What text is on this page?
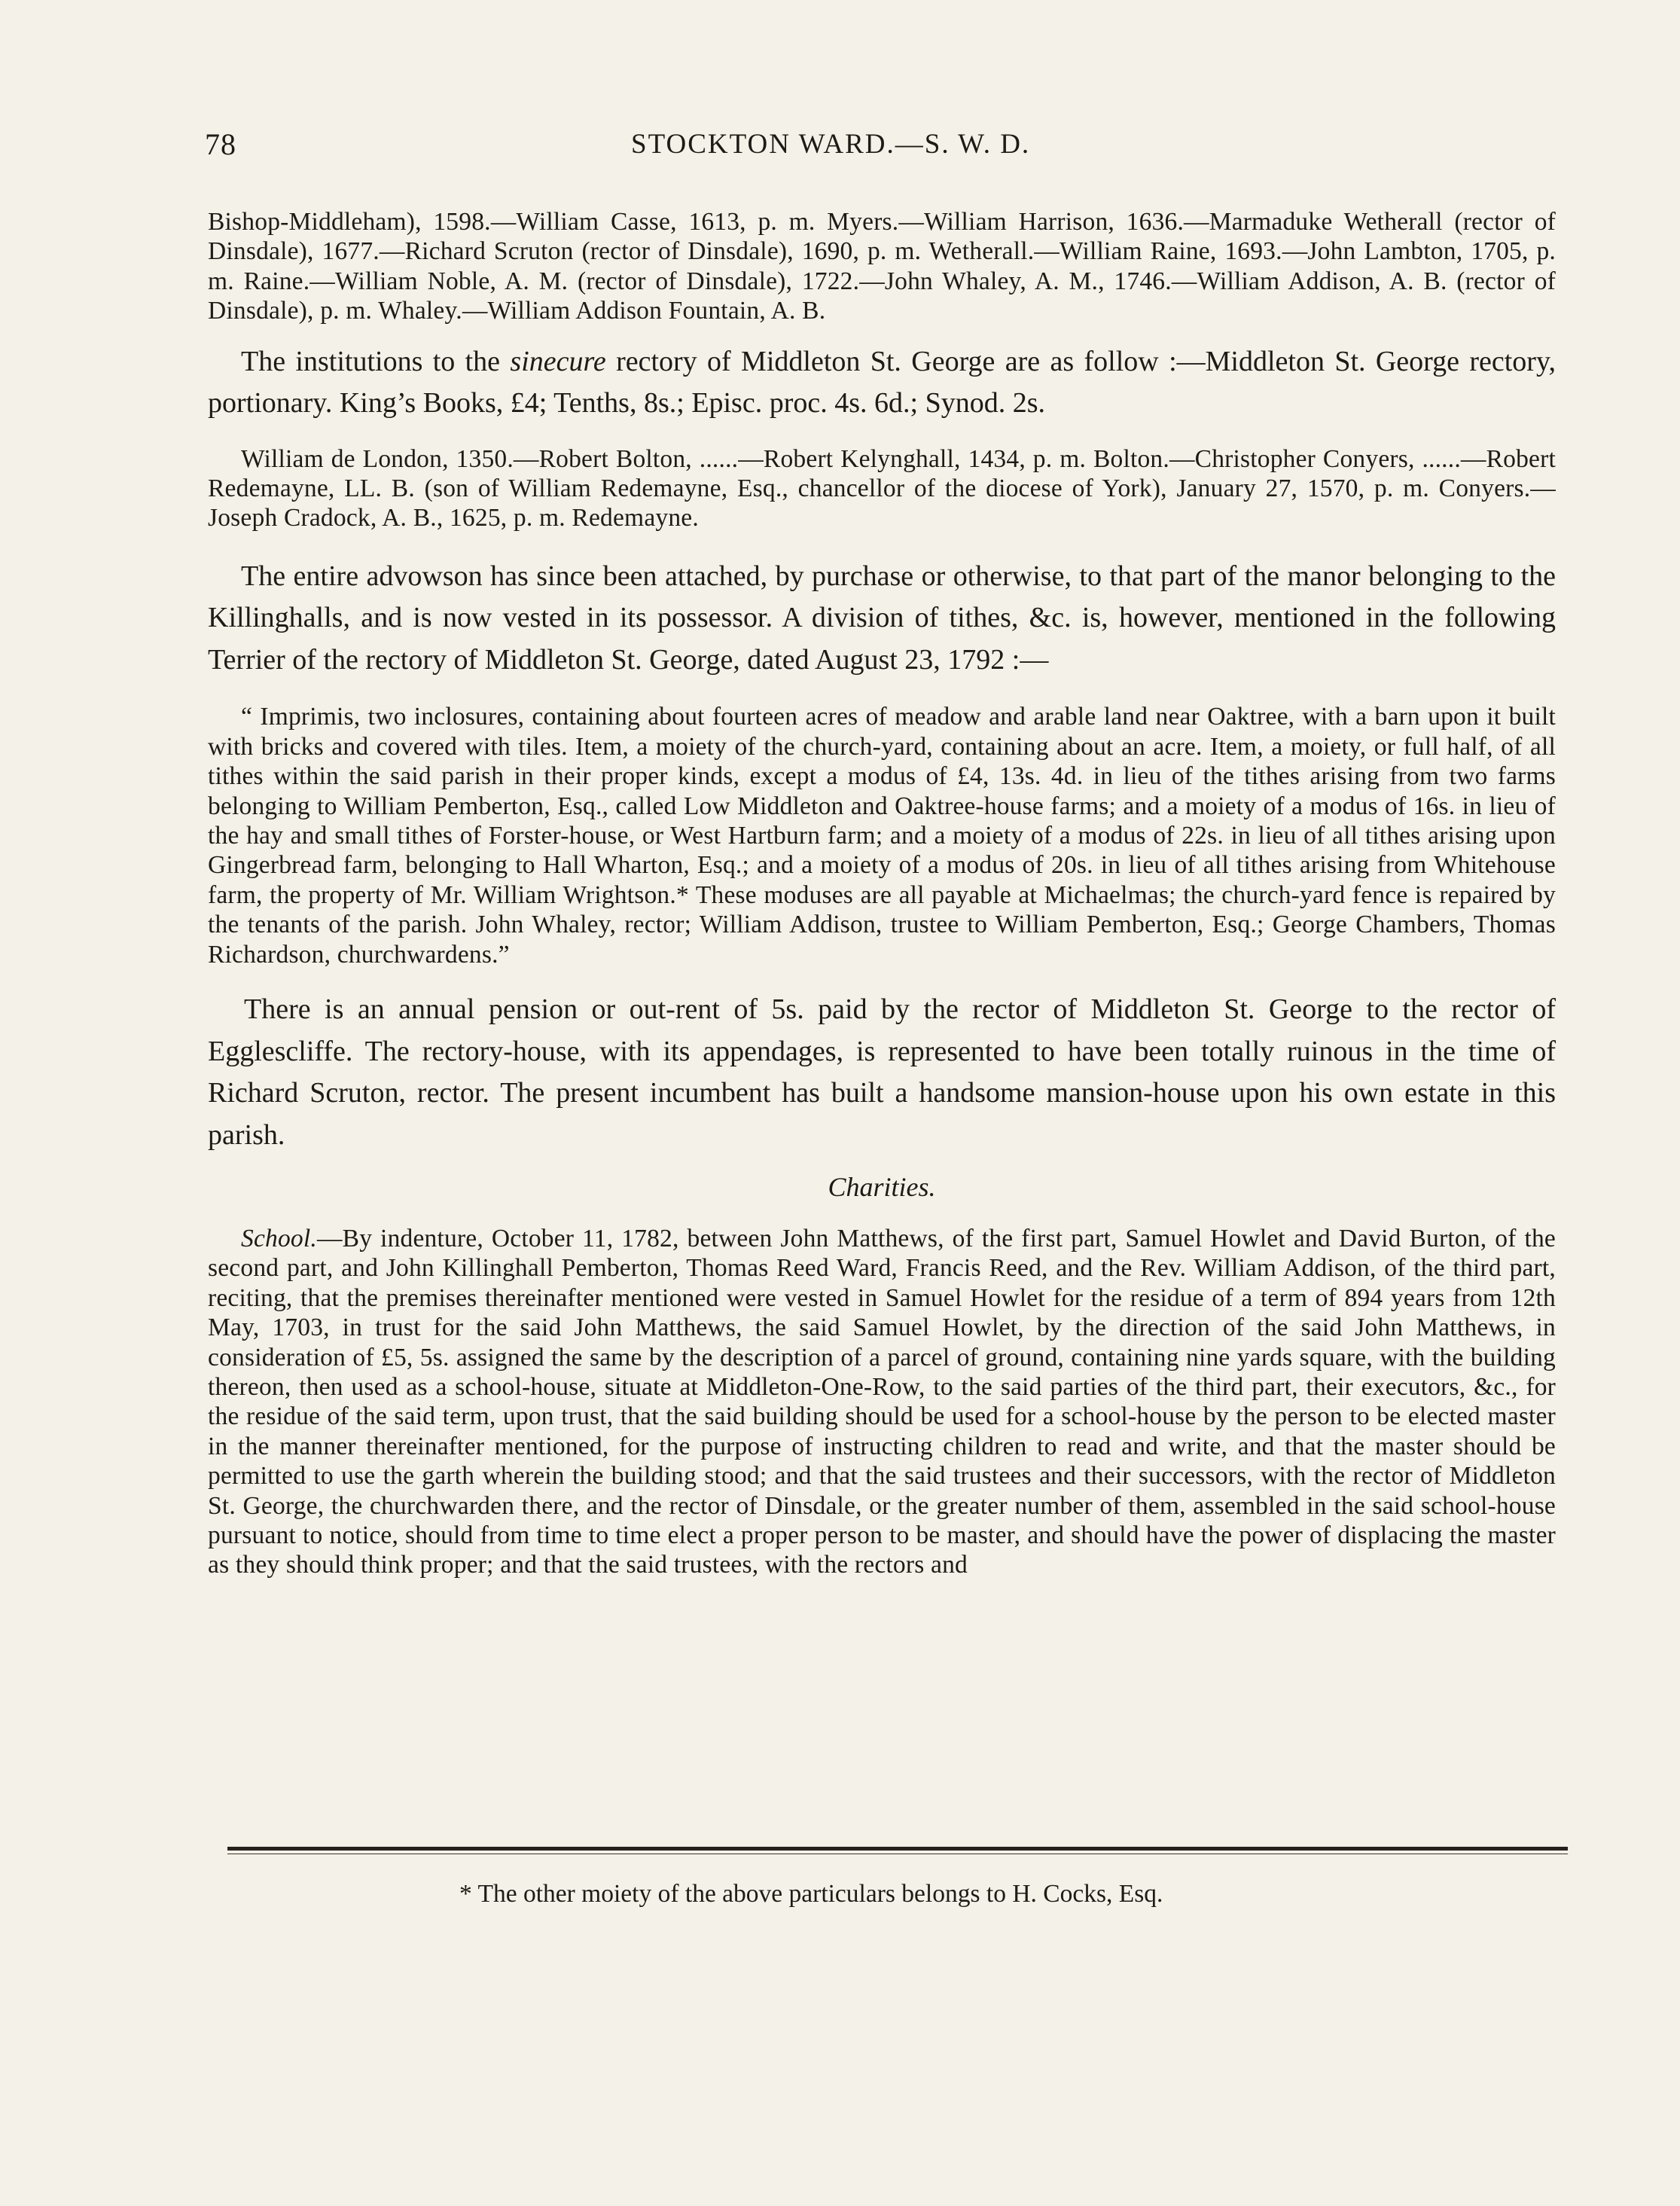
78	STOCKTON WARD.—S. W. D.

Bishop-Middleham), 1598.—William Casse, 1613, p. m. Myers.—William Harrison, 1636.—Marmaduke Wetherall (rector of Dinsdale), 1677.—Richard Scruton (rector of Dinsdale), 1690, p. m. Wetherall.—William Raine, 1693.—John Lambton, 1705, p. m. Raine.—William Noble, A. M. (rector of Dinsdale), 1722.—John Whaley, A. M., 1746.—William Addison, A. B. (rector of Dinsdale), p. m. Whaley.—William Addison Fountain, A. B.

The institutions to the sinecure rectory of Middleton St. George are as follow :—Middleton St. George rectory, portionary. King’s Books, £4; Tenths, 8s.; Episc. proc. 4s. 6d.; Synod. 2s.

William de London, 1350.—Robert Bolton, ......—Robert Kelynghall, 1434, p. m. Bolton.—Christopher Conyers, ......—Robert Redemayne, LL. B. (son of William Redemayne, Esq., chancellor of the diocese of York), January 27, 1570, p. m. Conyers.—Joseph Cradock, A. B., 1625, p. m. Redemayne.

The entire advowson has since been attached, by purchase or otherwise, to that part of the manor belonging to the Killinghalls, and is now vested in its possessor. A division of tithes, &c. is, however, mentioned in the following Terrier of the rectory of Middleton St. George, dated August 23, 1792 :—

“ Imprimis, two inclosures, containing about fourteen acres of meadow and arable land near Oaktree, with a barn upon it built with bricks and covered with tiles. Item, a moiety of the church-yard, containing about an acre. Item, a moiety, or full half, of all tithes within the said parish in their proper kinds, except a modus of £4, 13s. 4d. in lieu of the tithes arising from two farms belonging to William Pemberton, Esq., called Low Middleton and Oaktree-house farms; and a moiety of a modus of 16s. in lieu of the hay and small tithes of Forster-house, or West Hartburn farm; and a moiety of a modus of 22s. in lieu of all tithes arising upon Gingerbread farm, belonging to Hall Wharton, Esq.; and a moiety of a modus of 20s. in lieu of all tithes arising from Whitehouse farm, the property of Mr. William Wrightson.* These moduses are all payable at Michaelmas; the church-yard fence is repaired by the tenants of the parish. John Whaley, rector; William Addison, trustee to William Pemberton, Esq.; George Chambers, Thomas Richardson, churchwardens.”

There is an annual pension or out-rent of 5s. paid by the rector of Middleton St. George to the rector of Egglescliffe. The rectory-house, with its appendages, is represented to have been totally ruinous in the time of Richard Scruton, rector. The present incumbent has built a handsome mansion-house upon his own estate in this parish.

Charities.

School.—By indenture, October 11, 1782, between John Matthews, of the first part, Samuel Howlet and David Burton, of the second part, and John Killinghall Pemberton, Thomas Reed Ward, Francis Reed, and the Rev. William Addison, of the third part, reciting, that the premises thereinafter mentioned were vested in Samuel Howlet for the residue of a term of 894 years from 12th May, 1703, in trust for the said John Matthews, the said Samuel Howlet, by the direction of the said John Matthews, in consideration of £5, 5s. assigned the same by the description of a parcel of ground, containing nine yards square, with the building thereon, then used as a school-house, situate at Middleton-One-Row, to the said parties of the third part, their executors, &c., for the residue of the said term, upon trust, that the said building should be used for a school-house by the person to be elected master in the manner thereinafter mentioned, for the purpose of instructing children to read and write, and that the master should be permitted to use the garth wherein the building stood; and that the said trustees and their successors, with the rector of Middleton St. George, the churchwarden there, and the rector of Dinsdale, or the greater number of them, assembled in the said school-house pursuant to notice, should from time to time elect a proper person to be master, and should have the power of displacing the master as they should think proper; and that the said trustees, with the rectors and

* The other moiety of the above particulars belongs to H. Cocks, Esq.
